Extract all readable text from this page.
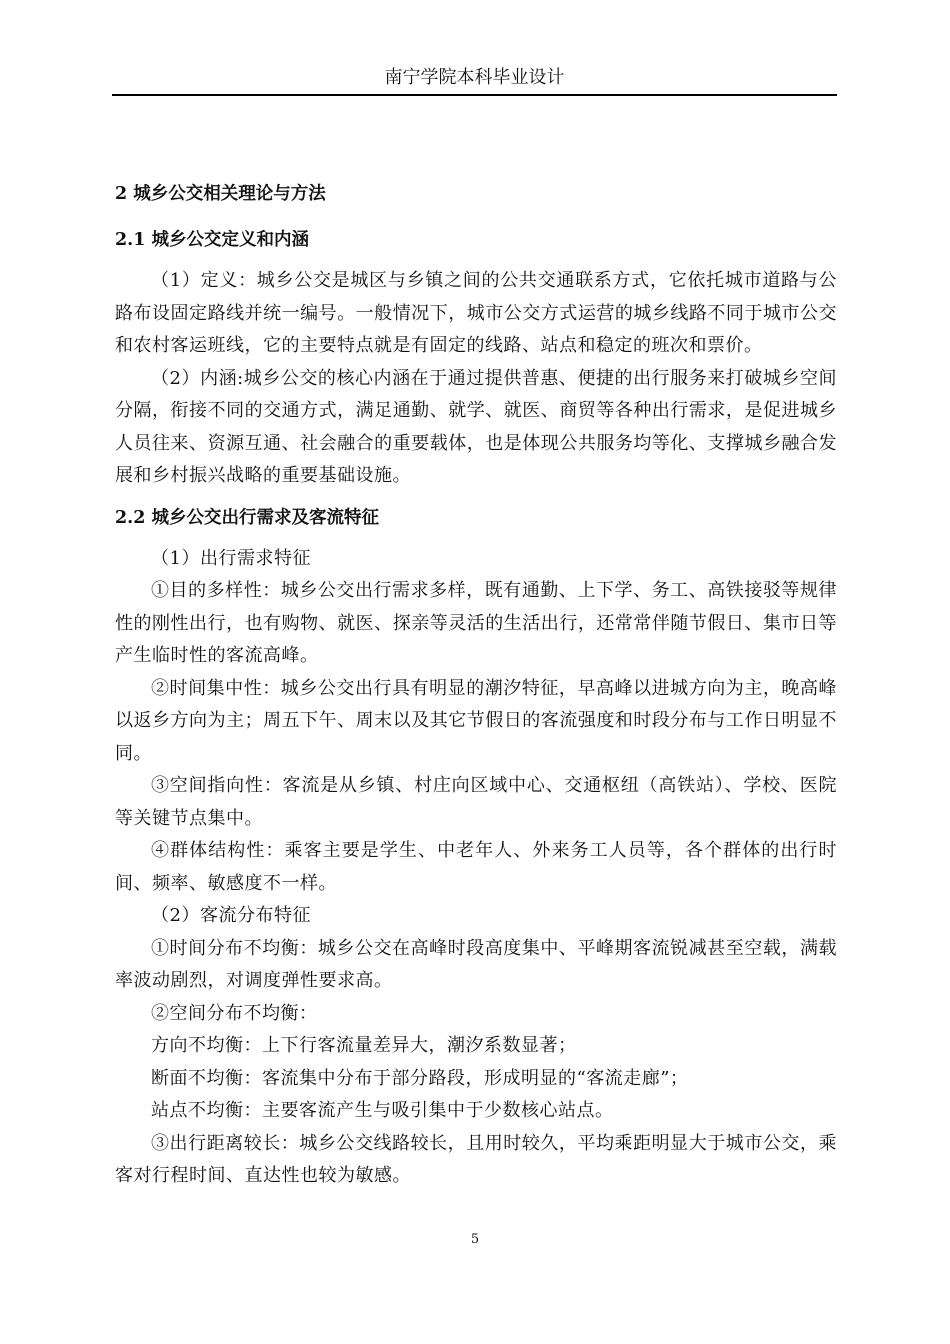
南宁学院本科毕业设计
2 城乡公交相关理论与方法
2.1 城乡公交定义和内涵

（1）定义：城乡公交是城区与乡镇之间的公共交通联系方式，它依托城市道路与公路布设固定路线并统一编号。一般情况下，城市公交方式运营的城乡线路不同于城市公交和农村客运班线，它的主要特点就是有固定的线路、站点和稳定的班次和票价。

（2）内涵:城乡公交的核心内涵在于通过提供普惠、便捷的出行服务来打破城乡空间分隔，衔接不同的交通方式，满足通勤、就学、就医、商贸等各种出行需求，是促进城乡人员往来、资源互通、社会融合的重要载体，也是体现公共服务均等化、支撑城乡融合发展和乡村振兴战略的重要基础设施。

2.2 城乡公交出行需求及客流特征

（1）出行需求特征

①目的多样性：城乡公交出行需求多样，既有通勤、上下学、务工、高铁接驳等规律性的刚性出行，也有购物、就医、探亲等灵活的生活出行，还常常伴随节假日、集市日等产生临时性的客流高峰。

②时间集中性：城乡公交出行具有明显的潮汐特征，早高峰以进城方向为主，晚高峰以返乡方向为主；周五下午、周末以及其它节假日的客流强度和时段分布与工作日明显不同。

③空间指向性：客流是从乡镇、村庄向区域中心、交通枢纽（高铁站）、学校、医院等关键节点集中。

④群体结构性：乘客主要是学生、中老年人、外来务工人员等，各个群体的出行时间、频率、敏感度不一样。

（2）客流分布特征

①时间分布不均衡：城乡公交在高峰时段高度集中、平峰期客流锐减甚至空载，满载率波动剧烈，对调度弹性要求高。

②空间分布不均衡：

方向不均衡：上下行客流量差异大，潮汐系数显著；

断面不均衡：客流集中分布于部分路段，形成明显的“客流走廊”；

站点不均衡：主要客流产生与吸引集中于少数核心站点。

③出行距离较长：城乡公交线路较长，且用时较久，平均乘距明显大于城市公交，乘客对行程时间、直达性也较为敏感。

5
